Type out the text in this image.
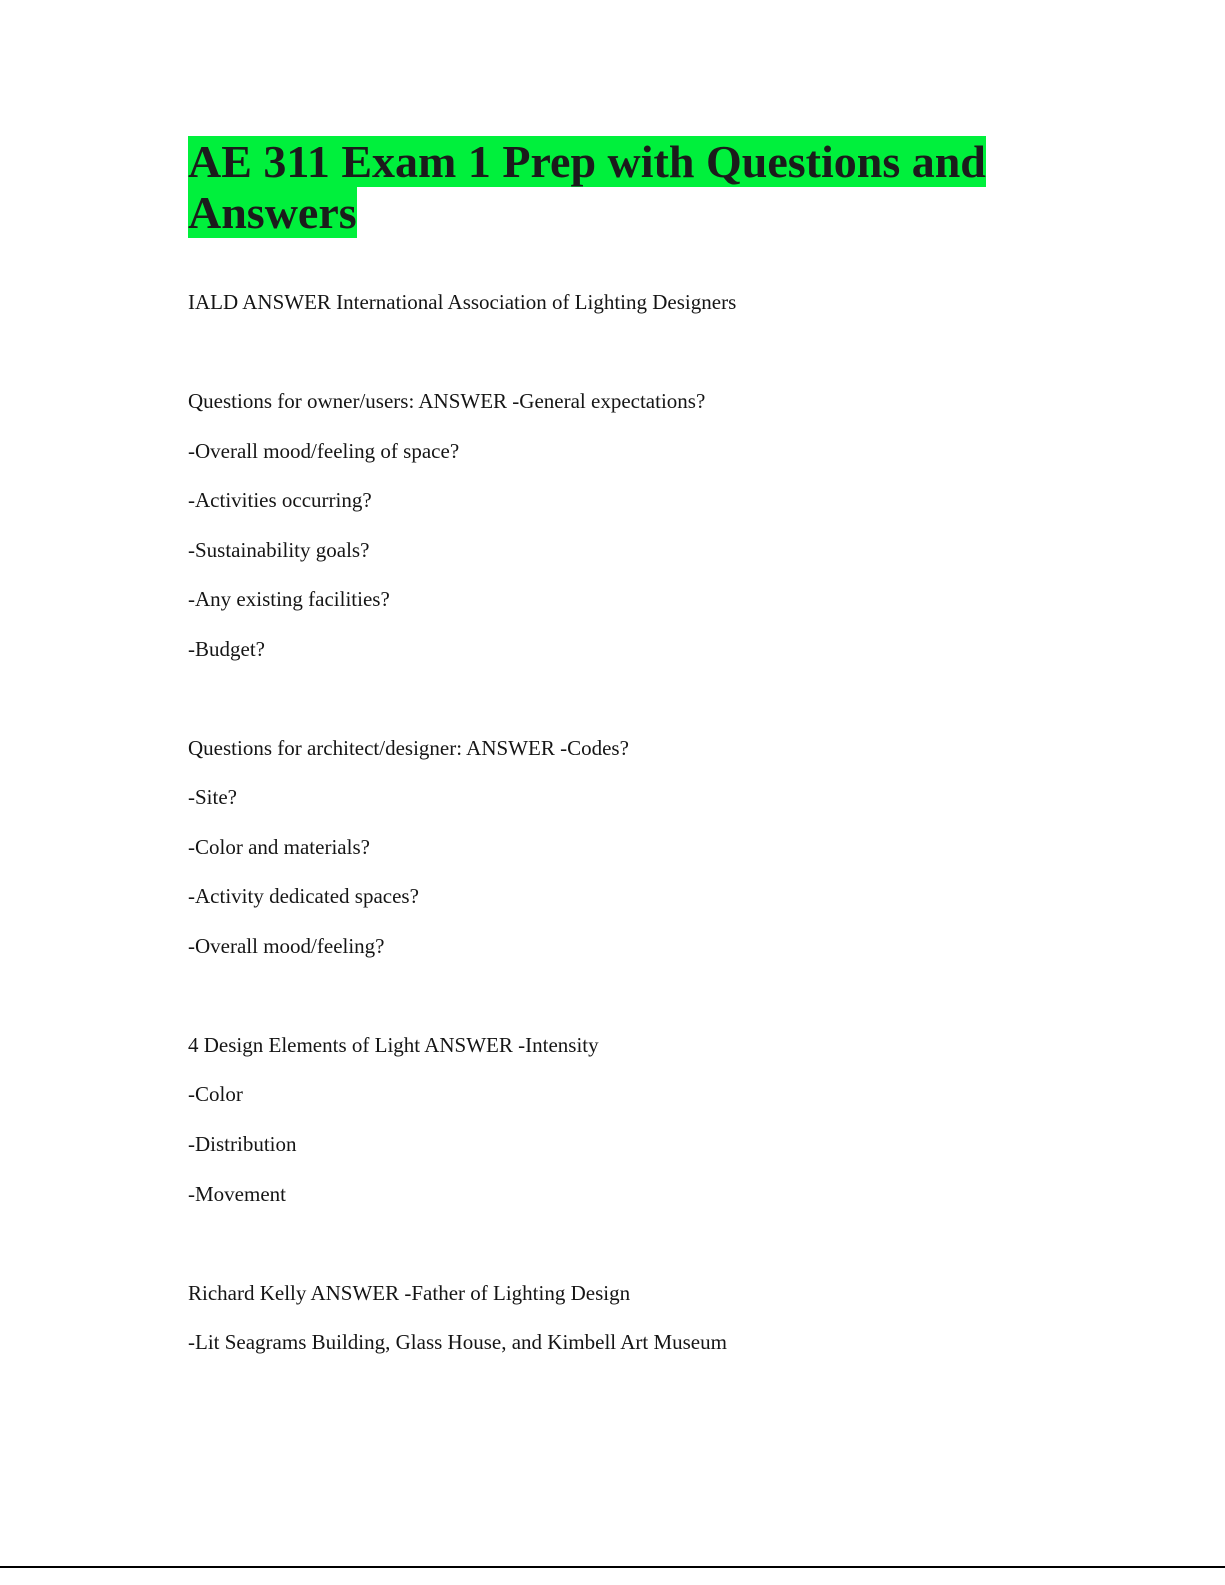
AE 311 Exam 1 Prep with Questions and Answers

IALD ANSWER International Association of Lighting Designers

Questions for owner/users: ANSWER -General expectations?

-Overall mood/feeling of space?

-Activities occurring?

-Sustainability goals?

-Any existing facilities?

-Budget?

Questions for architect/designer: ANSWER -Codes?

-Site?

-Color and materials?

-Activity dedicated spaces?

-Overall mood/feeling?

4 Design Elements of Light ANSWER -Intensity

-Color

-Distribution

-Movement

Richard Kelly ANSWER -Father of Lighting Design

-Lit Seagrams Building, Glass House, and Kimbell Art Museum
